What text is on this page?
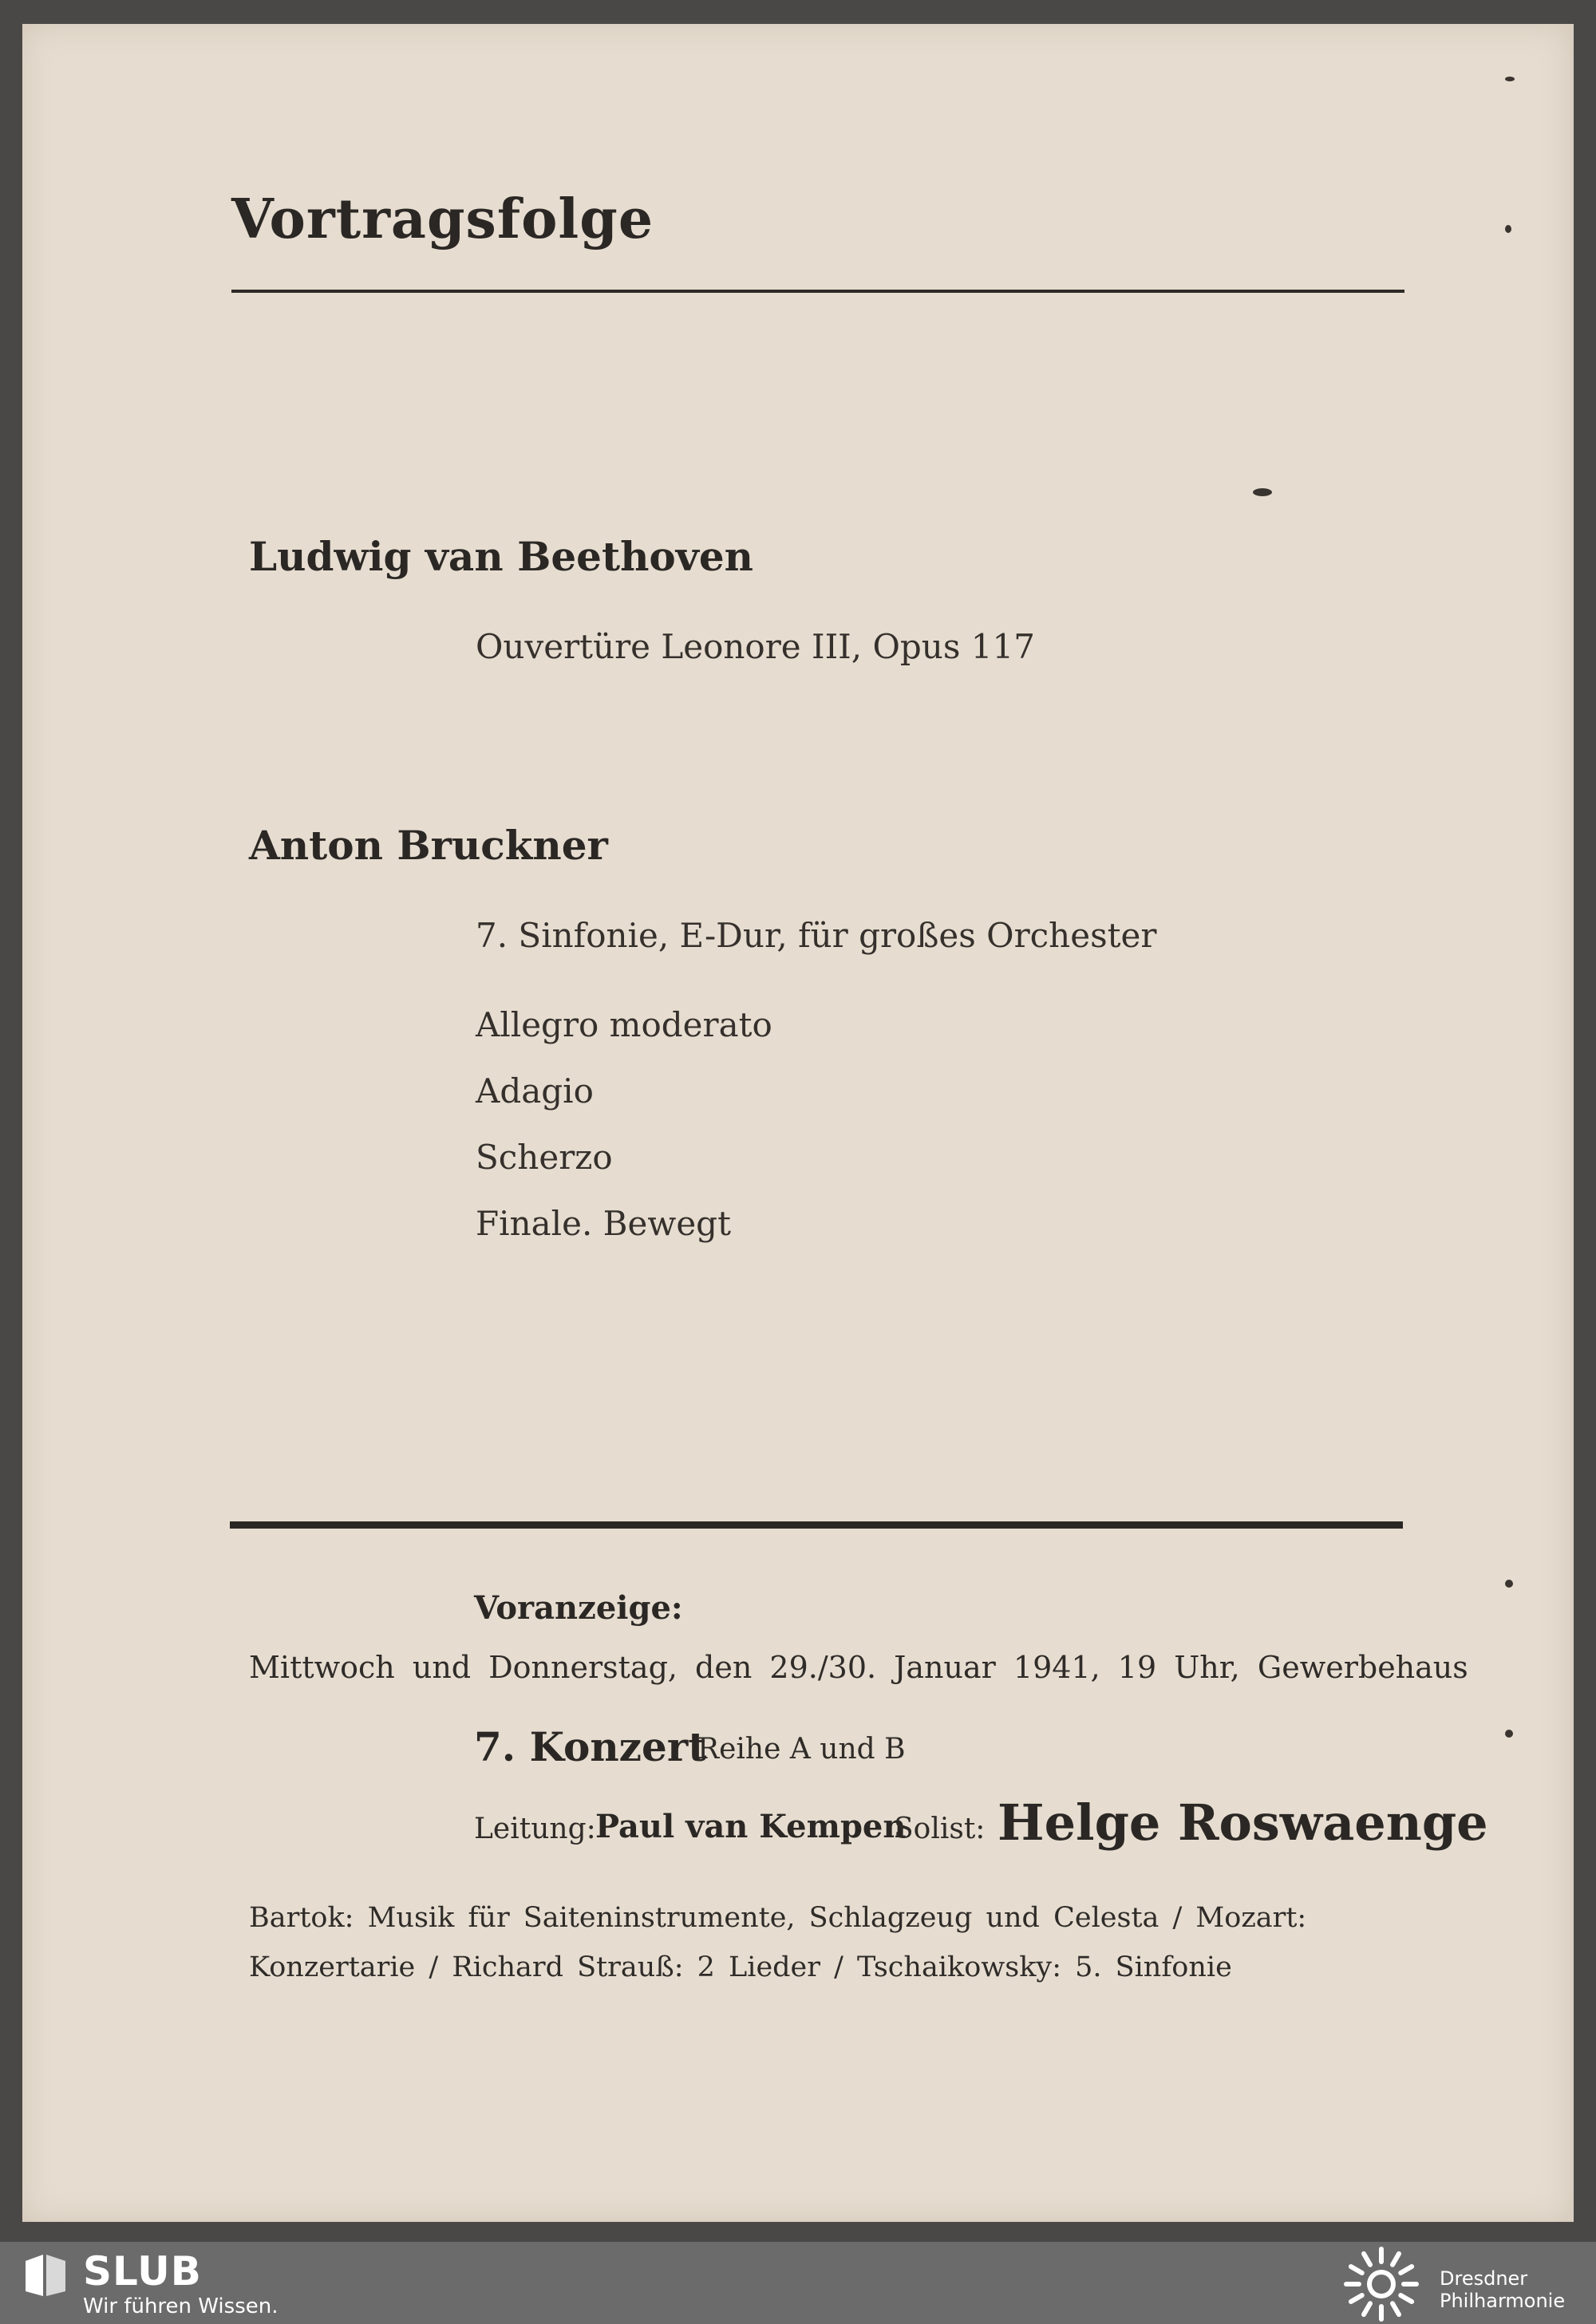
Vortragsfolge
Ludwig van Beethoven
Ouvertüre Leonore III, Opus 117
Anton Bruckner
7. Sinfonie, E-Dur, für großes Orchester
Allegro moderato
Adagio
Scherzo
Finale. Bewegt
Voranzeige:
Mittwoch und Donnerstag, den 29./30. Januar 1941, 19 Uhr, Gewerbehaus
7. Konzert
Reihe A und B
Leitung: Paul van Kempen
Solist: Helge Roswaenge
Bartok: Musik für Saiteninstrumente, Schlagzeug und Celesta / Mozart:
Konzertarie / Richard Strauß: 2 Lieder / Tschaikowsky: 5. Sinfonie
SLUB
Wir führen Wissen.
Dresdner
Philharmonie
